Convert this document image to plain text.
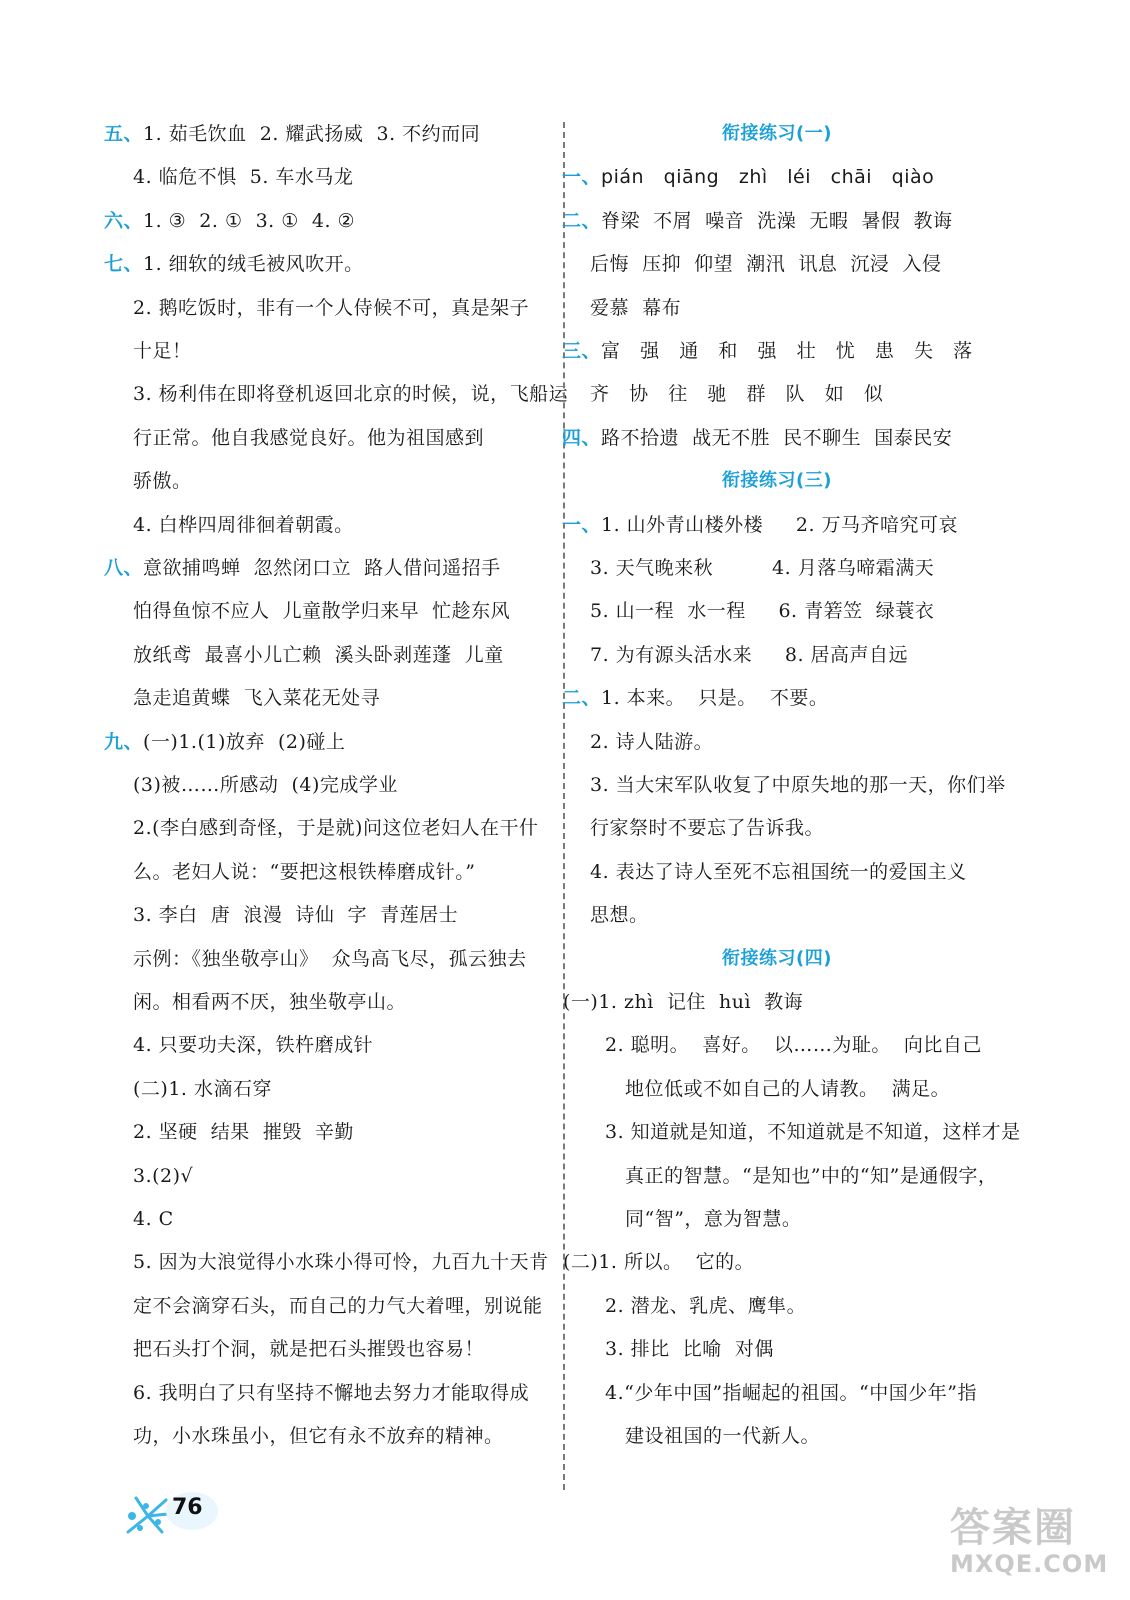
五、1. 茹毛饮血  2. 耀武扬威  3. 不约而同
4. 临危不惧  5. 车水马龙
六、1. ③  2. ①  3. ①  4. ②
七、1. 细软的绒毛被风吹开。
2. 鹅吃饭时，非有一个人侍候不可，真是架子
十足！
3. 杨利伟在即将登机返回北京的时候，说，飞船运
行正常。他自我感觉良好。他为祖国感到
骄傲。
4. 白桦四周徘徊着朝霞。
八、意欲捕鸣蝉  忽然闭口立  路人借问遥招手
怕得鱼惊不应人  儿童散学归来早  忙趁东风
放纸鸢  最喜小儿亡赖  溪头卧剥莲蓬  儿童
急走追黄蝶  飞入菜花无处寻
九、(一)1.(1)放弃  (2)碰上
(3)被……所感动  (4)完成学业
2.(李白感到奇怪，于是就)问这位老妇人在干什
么。老妇人说：“要把这根铁棒磨成针。”
3. 李白  唐  浪漫  诗仙  字  青莲居士
示例：《独坐敬亭山》  众鸟高飞尽，孤云独去
闲。相看两不厌，独坐敬亭山。
4. 只要功夫深，铁杵磨成针
(二)1. 水滴石穿
2. 坚硬  结果  摧毁  辛勤
3.(2)√
4. C
5. 因为大浪觉得小水珠小得可怜，九百九十天肯
定不会滴穿石头，而自己的力气大着哩，别说能
把石头打个洞，就是把石头摧毁也容易！
6. 我明白了只有坚持不懈地去努力才能取得成
功，小水珠虽小，但它有永不放弃的精神。
衔接练习(一)
一、pián   qiāng   zhì   léi   chāi   qiào
二、脊梁  不屑  噪音  洗澡  无暇  暑假  教诲
后悔  压抑  仰望  潮汛  讯息  沉浸  入侵
爱慕  幕布
三、富   强   通   和   强   壮   忧   患   失   落
齐   协   往   驰   群   队   如   似
四、路不拾遗  战无不胜  民不聊生  国泰民安
衔接练习(三)
一、1. 山外青山楼外楼     2. 万马齐喑究可哀
3. 天气晚来秋         4. 月落乌啼霜满天
5. 山一程  水一程     6. 青箬笠  绿蓑衣
7. 为有源头活水来     8. 居高声自远
二、1. 本来。  只是。  不要。
2. 诗人陆游。
3. 当大宋军队收复了中原失地的那一天，你们举
行家祭时不要忘了告诉我。
4. 表达了诗人至死不忘祖国统一的爱国主义
思想。
衔接练习(四)
(一)1. zhì  记住  huì  教诲
2. 聪明。  喜好。  以……为耻。  向比自己
地位低或不如自己的人请教。  满足。
3. 知道就是知道，不知道就是不知道，这样才是
真正的智慧。“是知也”中的“知”是通假字，
同“智”，意为智慧。
(二)1. 所以。  它的。
2. 潜龙、乳虎、鹰隼。
3. 排比  比喻  对偶
4.“少年中国”指崛起的祖国。“中国少年”指
建设祖国的一代新人。
76	答案圈
MXQE.COM
